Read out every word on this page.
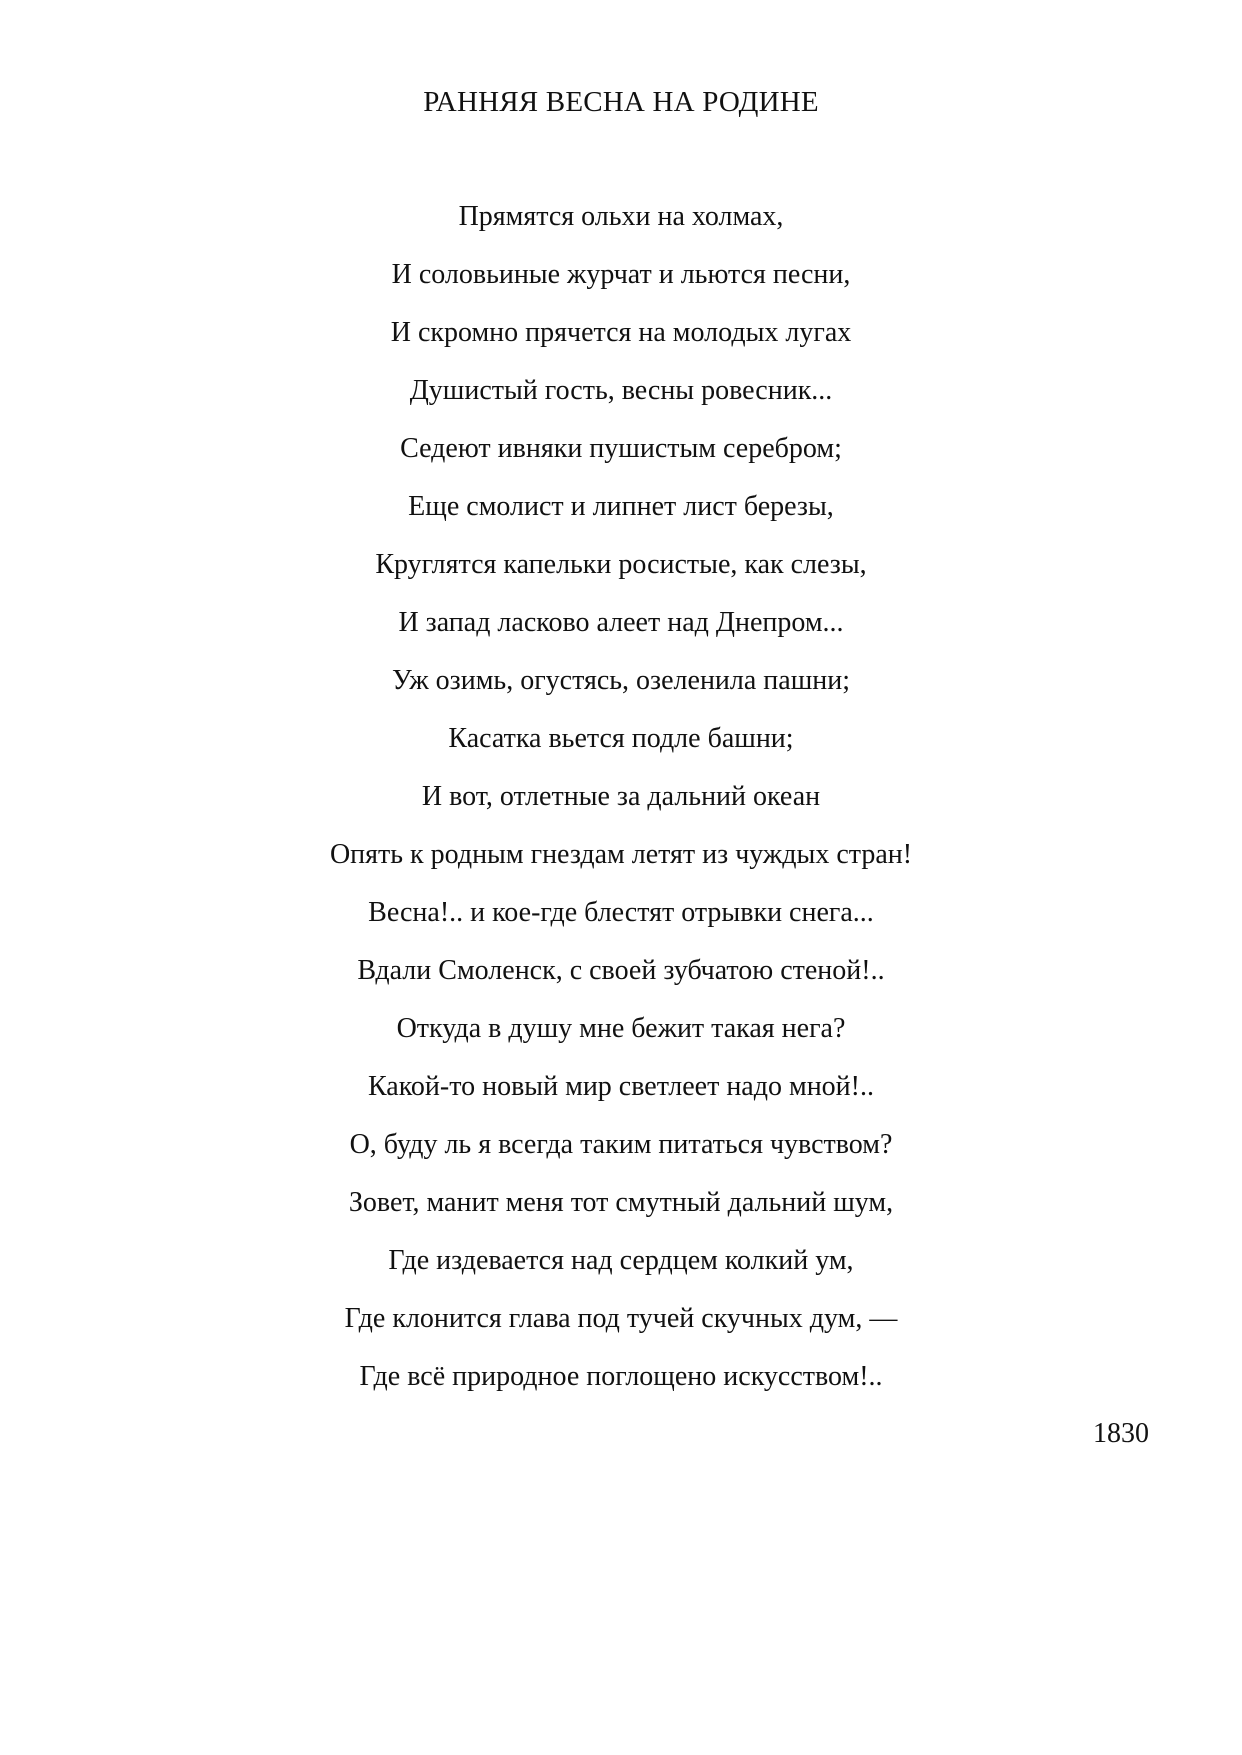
РАННЯЯ ВЕСНА НА РОДИНЕ
Прямятся ольхи на холмах,
И соловьиные журчат и льются песни,
И скромно прячется на молодых лугах
Душистый гость, весны ровесник...
Седеют ивняки пушистым серебром;
Еще смолист и липнет лист березы,
Круглятся капельки росистые, как слезы,
И запад ласково алеет над Днепром...
Уж озимь, огустясь, озеленила пашни;
Касатка вьется подле башни;
И вот, отлетные за дальний океан
Опять к родным гнездам летят из чуждых стран!
Весна!.. и кое-где блестят отрывки снега...
Вдали Смоленск, с своей зубчатою стеной!..
Откуда в душу мне бежит такая нега?
Какой-то новый мир светлеет надо мной!..
О, буду ль я всегда таким питаться чувством?
Зовет, манит меня тот смутный дальний шум,
Где издевается над сердцем колкий ум,
Где клонится глава под тучей скучных дум, —
Где всё природное поглощено искусством!..
1830
